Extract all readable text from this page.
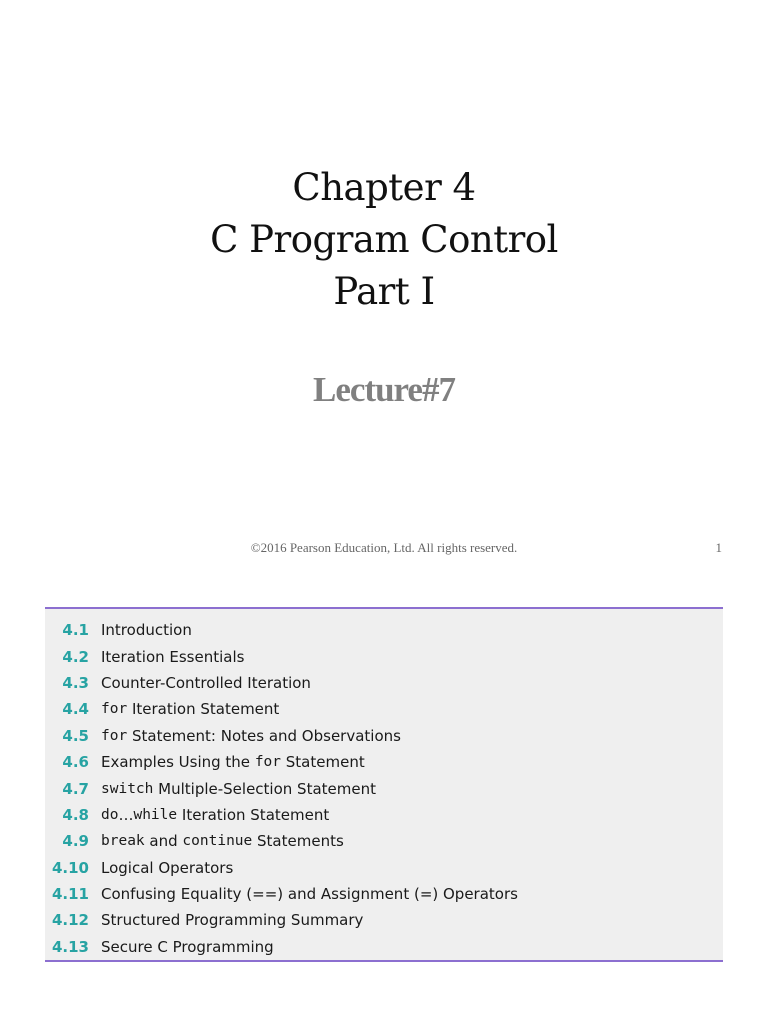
Chapter 4
C Program Control
Part I
Lecture#7
©2016 Pearson Education, Ltd. All rights reserved.	1
4.1 Introduction
4.2 Iteration Essentials
4.3 Counter-Controlled Iteration
4.4 for Iteration Statement
4.5 for Statement: Notes and Observations
4.6 Examples Using the for Statement
4.7 switch Multiple-Selection Statement
4.8 do … while Iteration Statement
4.9 break and continue Statements
4.10 Logical Operators
4.11 Confusing Equality (==) and Assignment (=) Operators
4.12 Structured Programming Summary
4.13 Secure C Programming
